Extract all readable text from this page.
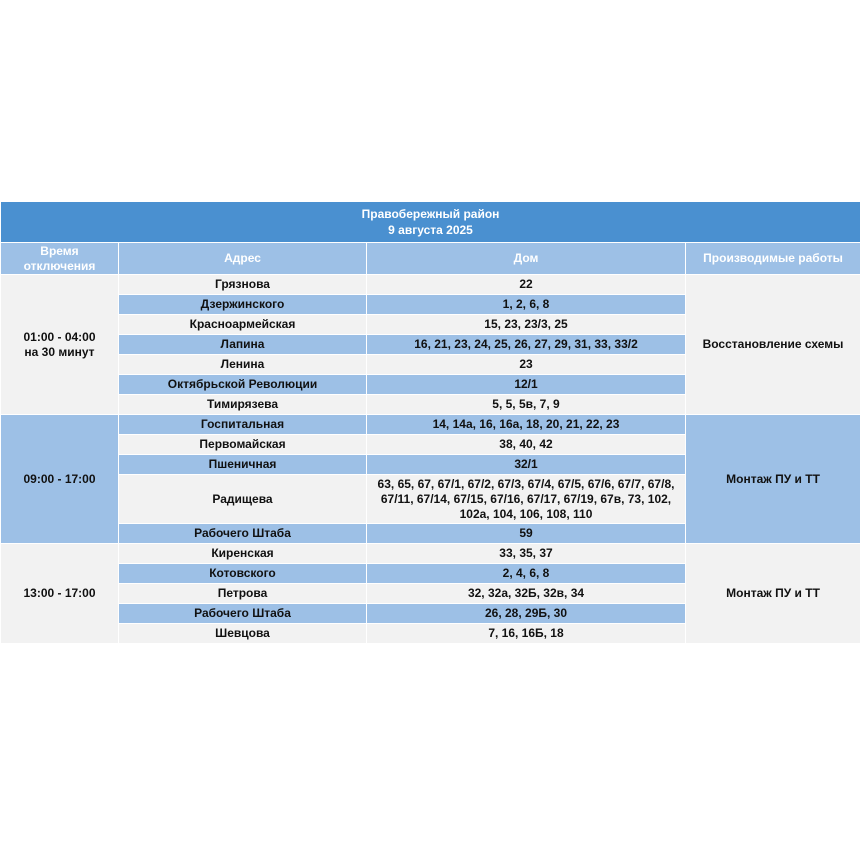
Правобережный район
9 августа 2025			

Время отключения	Адрес	Дом	Производимые работы

01:00 - 04:00
на 30 минут	Грязнова	22	Восстановление схемы
	Дзержинского	1, 2, 6, 8	
	Красноармейская	15, 23, 23/3, 25	
	Лапина	16, 21, 23, 24, 25, 26, 27, 29, 31, 33, 33/2	
	Ленина	23	
	Октябрьской Революции	12/1	
	Тимирязева	5, 5, 5в, 7, 9	

09:00 - 17:00	Госпитальная	14, 14а, 16, 16а, 18, 20, 21, 22, 23	Монтаж ПУ и ТТ
	Первомайская	38, 40, 42	
	Пшеничная	32/1	
	Радищева	63, 65, 67, 67/1, 67/2, 67/3, 67/4, 67/5, 67/6, 67/7, 67/8, 67/11, 67/14, 67/15, 67/16, 67/17, 67/19, 67в, 73, 102, 102а, 104, 106, 108, 110	
	Рабочего Штаба	59	

13:00 - 17:00	Киренская	33, 35, 37	Монтаж ПУ и ТТ
	Котовского	2, 4, 6, 8	
	Петрова	32, 32а, 32Б, 32в, 34	
	Рабочего Штаба	26, 28, 29Б, 30	
	Шевцова	7, 16, 16Б, 18	
